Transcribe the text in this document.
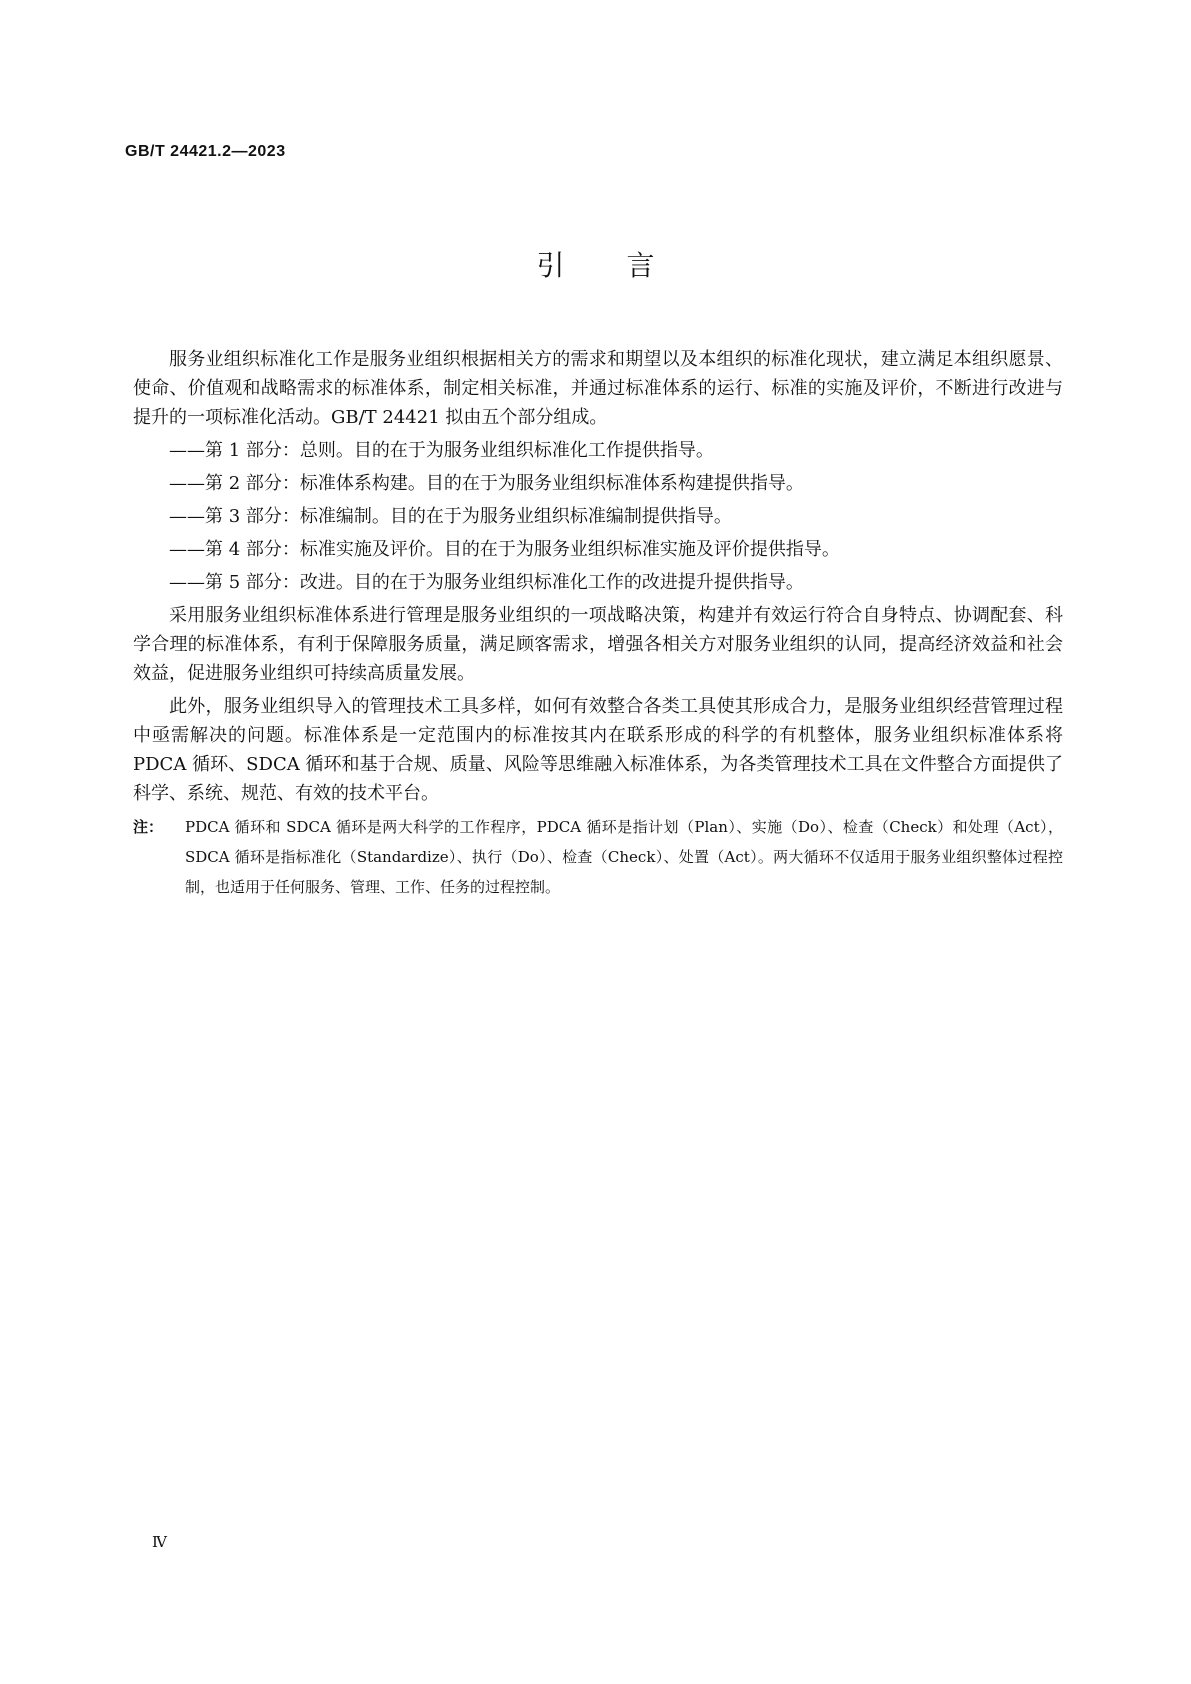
GB/T 24421.2—2023
引言

服务业组织标准化工作是服务业组织根据相关方的需求和期望以及本组织的标准化现状，建立满足本组织愿景、使命、价值观和战略需求的标准体系，制定相关标准，并通过标准体系的运行、标准的实施及评价，不断进行改进与提升的一项标准化活动。GB/T 24421 拟由五个部分组成。

——第 1 部分：总则。目的在于为服务业组织标准化工作提供指导。
——第 2 部分：标准体系构建。目的在于为服务业组织标准体系构建提供指导。
——第 3 部分：标准编制。目的在于为服务业组织标准编制提供指导。
——第 4 部分：标准实施及评价。目的在于为服务业组织标准实施及评价提供指导。
——第 5 部分：改进。目的在于为服务业组织标准化工作的改进提升提供指导。

采用服务业组织标准体系进行管理是服务业组织的一项战略决策，构建并有效运行符合自身特点、协调配套、科学合理的标准体系，有利于保障服务质量，满足顾客需求，增强各相关方对服务业组织的认同，提高经济效益和社会效益，促进服务业组织可持续高质量发展。

此外，服务业组织导入的管理技术工具多样，如何有效整合各类工具使其形成合力，是服务业组织经营管理过程中亟需解决的问题。标准体系是一定范围内的标准按其内在联系形成的科学的有机整体，服务业组织标准体系将 PDCA 循环、SDCA 循环和基于合规、质量、风险等思维融入标准体系，为各类管理技术工具在文件整合方面提供了科学、系统、规范、有效的技术平台。

注：	PDCA 循环和 SDCA 循环是两大科学的工作程序，PDCA 循环是指计划（Plan）、实施（Do）、检查（Check）和处理（Act），SDCA 循环是指标准化（Standardize）、执行（Do）、检查（Check）、处置（Act）。两大循环不仅适用于服务业组织整体过程控制，也适用于任何服务、管理、工作、任务的过程控制。
Ⅳ
